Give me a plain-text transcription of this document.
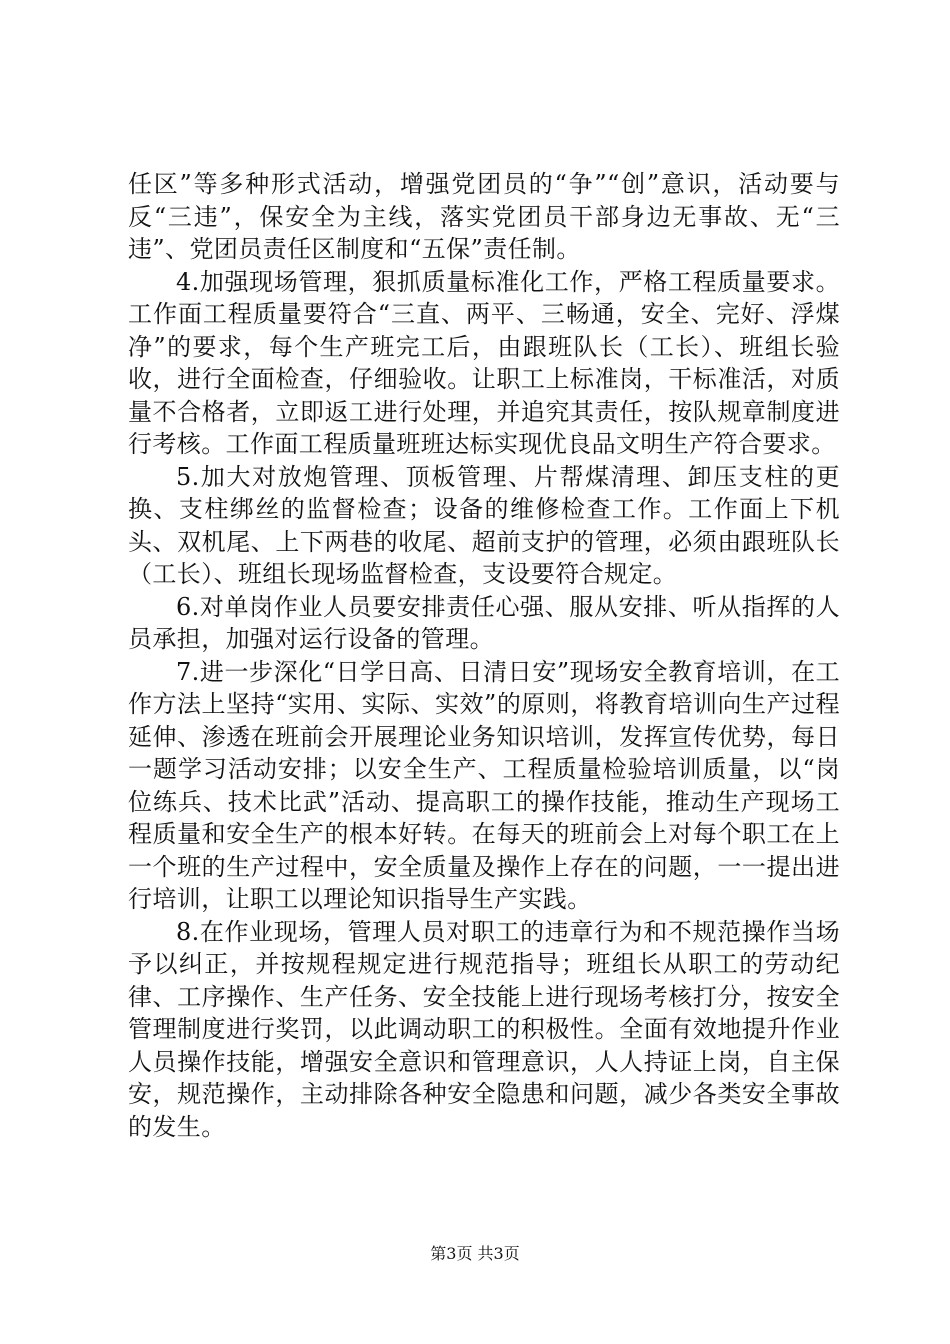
任区”等多种形式活动，增强党团员的“争”“创”意识，活动要与反“三违”，保安全为主线，落实党团员干部身边无事故、无“三违”、党团员责任区制度和“五保”责任制。

4.加强现场管理，狠抓质量标准化工作，严格工程质量要求。工作面工程质量要符合“三直、两平、三畅通，安全、完好、浮煤净”的要求，每个生产班完工后，由跟班队长（工长）、班组长验收，进行全面检查，仔细验收。让职工上标准岗，干标准活，对质量不合格者，立即返工进行处理，并追究其责任，按队规章制度进行考核。工作面工程质量班班达标实现优良品文明生产符合要求。

5.加大对放炮管理、顶板管理、片帮煤清理、卸压支柱的更换、支柱绑丝的监督检查；设备的维修检查工作。工作面上下机头、双机尾、上下两巷的收尾、超前支护的管理，必须由跟班队长（工长）、班组长现场监督检查，支设要符合规定。

6.对单岗作业人员要安排责任心强、服从安排、听从指挥的人员承担，加强对运行设备的管理。

7.进一步深化“日学日高、日清日安”现场安全教育培训，在工作方法上坚持“实用、实际、实效”的原则，将教育培训向生产过程延伸、渗透在班前会开展理论业务知识培训，发挥宣传优势，每日一题学习活动安排；以安全生产、工程质量检验培训质量，以“岗位练兵、技术比武”活动、提高职工的操作技能，推动生产现场工程质量和安全生产的根本好转。在每天的班前会上对每个职工在上一个班的生产过程中，安全质量及操作上存在的问题，一一提出进行培训，让职工以理论知识指导生产实践。

8.在作业现场，管理人员对职工的违章行为和不规范操作当场予以纠正，并按规程规定进行规范指导；班组长从职工的劳动纪律、工序操作、生产任务、安全技能上进行现场考核打分，按安全管理制度进行奖罚，以此调动职工的积极性。全面有效地提升作业人员操作技能，增强安全意识和管理意识，人人持证上岗，自主保安，规范操作，主动排除各种安全隐患和问题，减少各类安全事故的发生。

第3页 共3页
